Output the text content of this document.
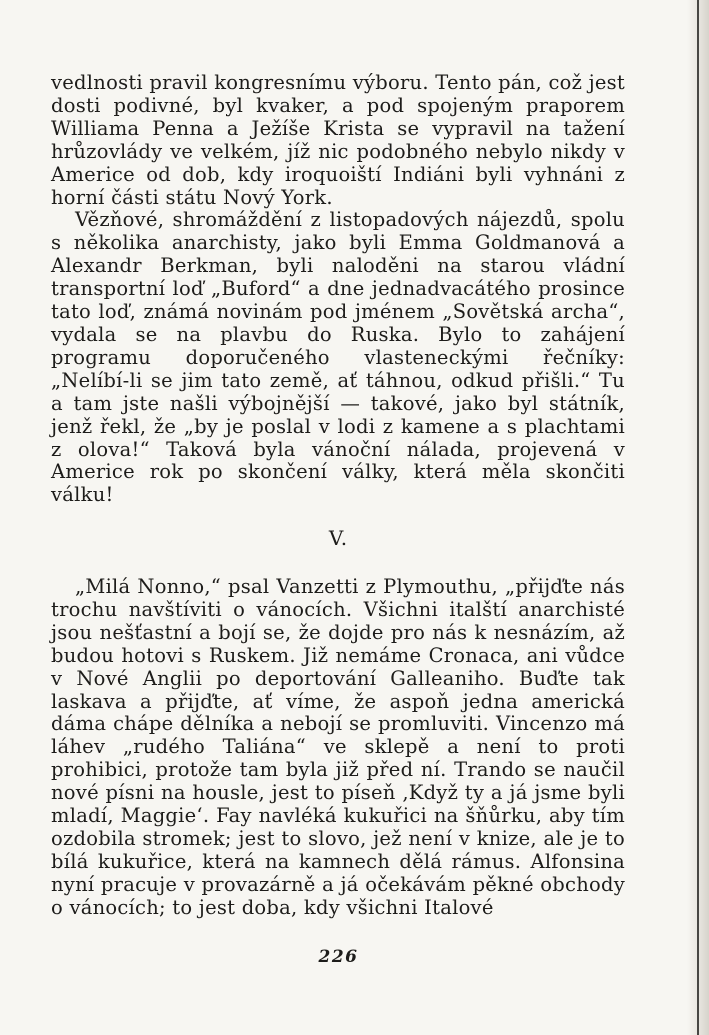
vedlnosti pravil kongresnímu výboru. Tento pán, což jest dosti podivné, byl kvaker, a pod spojeným praporem Williama Penna a Ježíše Krista se vypravil na tažení hrůzovlády ve velkém, jíž nic podobného nebylo nikdy v Americe od dob, kdy iroquoiští Indiáni byli vyhnáni z horní části státu Nový York.

Vězňové, shromáždění z listopadových nájezdů, spolu s několika anarchisty, jako byli Emma Goldmanová a Alexandr Berkman, byli naloděni na starou vládní transportní loď „Buford“ a dne jednadvacátého prosince tato loď, známá novinám pod jménem „Sovětská archa“, vydala se na plavbu do Ruska. Bylo to zahájení programu doporučeného vlasteneckými řečníky: „Nelíbí-li se jim tato země, ať táhnou, odkud přišli.“ Tu a tam jste našli výbojnější — takové, jako byl státník, jenž řekl, že „by je poslal v lodi z kamene a s plachtami z olova!“ Taková byla vánoční nálada, projevená v Americe rok po skončení války, která měla skončiti válku!

V.

„Milá Nonno,“ psal Vanzetti z Plymouthu, „přijďte nás trochu navštíviti o vánocích. Všichni italští anarchisté jsou nešťastní a bojí se, že dojde pro nás k nesnázím, až budou hotovi s Ruskem. Již nemáme Cronaca, ani vůdce v Nové Anglii po deportování Galleaniho. Buďte tak laskava a přijďte, ať víme, že aspoň jedna americká dáma chápe dělníka a nebojí se promluviti. Vincenzo má láhev „rudého Taliána“ ve sklepě a není to proti prohibici, protože tam byla již před ní. Trando se naučil nové písni na housle, jest to píseň ‚Když ty a já jsme byli mladí, Maggie‘. Fay navléká kukuřici na šňůrku, aby tím ozdobila stromek; jest to slovo, jež není v knize, ale je to bílá kukuřice, která na kamnech dělá rámus. Alfonsina nyní pracuje v provazárně a já očekávám pěkné obchody o vánocích; to jest doba, kdy všichni Italové

226
